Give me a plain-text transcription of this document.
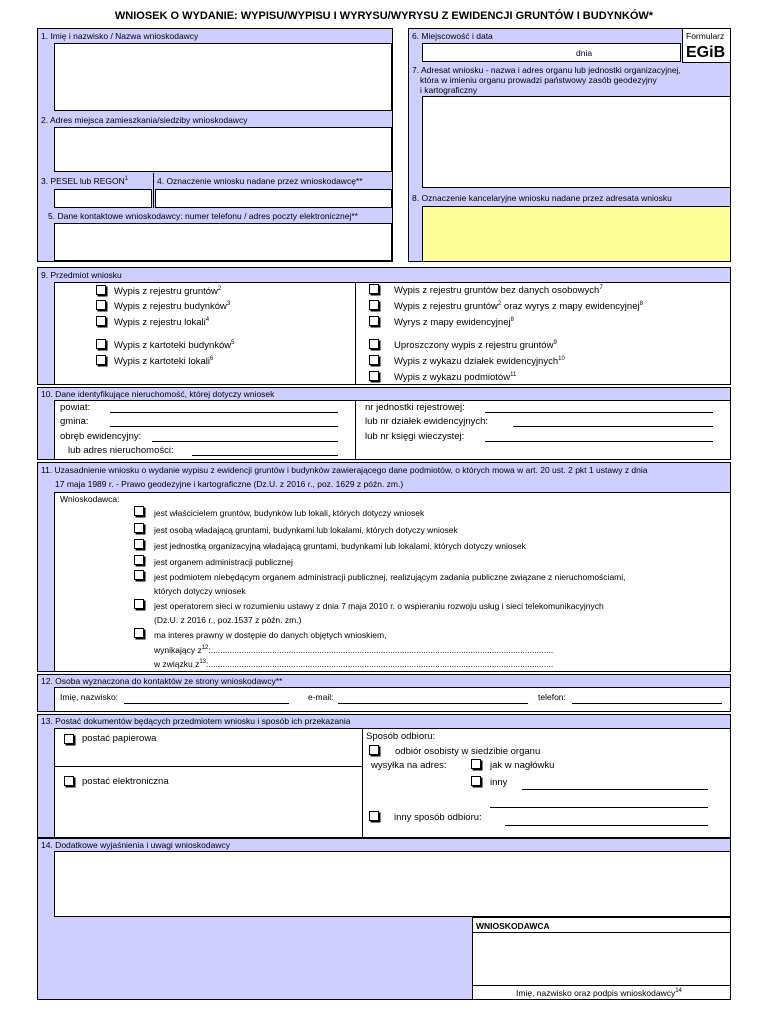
WNIOSEK O WYDANIE: WYPISU/WYPISU I WYRYSU/WYRYSU Z EWIDENCJI GRUNTÓW I BUDYNKÓW*
1. Imię i nazwisko / Nazwa wnioskodawcy
2. Adres miejsca zamieszkania/siedziby wnioskodawcy
3. PESEL lub REGON$^1$	4. Oznaczenie wniosku nadane przez wnioskodawcę**
5. Dane kontaktowe wnioskodawcy: numer telefonu / adres poczty elektronicznej**
6. Miejscowość i data
dnia
Formularz
EGiB
7. Adresat wniosku - nazwa i adres organu lub jednostki organizacyjnej,
która w imieniu organu prowadzi państwowy zasób geodezyjny
i kartograficzny
8. Oznaczenie kancelaryjne wniosku nadane przez adresata wniosku
9. Przedmiot wniosku
Wypis z rejestru gruntów$^2$
Wypis z rejestru budynków$^3$
Wypis z rejestru lokali$^4$
Wypis z kartoteki budynków$^5$
Wypis z kartoteki lokali$^6$
Wypis z rejestru gruntów bez danych osobowych$^7$
Wypis z rejestru gruntów$^2$ oraz wyrys z mapy ewidencyjnej$^8$
Wyrys z mapy ewidencyjnej$^8$
Uproszczony wypis z rejestru gruntów$^9$
Wypis z wykazu działek ewidencyjnych$^{10}$
Wypis z wykazu podmiotów$^{11}$
10. Dane identyfikujące nieruchomość, której dotyczy wniosek
powiat:
gmina:
obręb ewidencyjny:
lub adres nieruchomości:
nr jednostki rejestrowej:
lub nr działek ewidencyjnych:
lub nr księgi wieczystej:
11. Uzasadnienie wniosku o wydanie wypisu z ewidencji gruntów i budynków zawierającego dane podmiotów, o których mowa w art. 20 ust. 2 pkt 1 ustawy z dnia
17 maja 1989 r. - Prawo geodezyjne i kartograficzne (Dz.U. z 2016 r., poz. 1629 z późn. zm.)
Wnioskodawca:
jest właścicielem gruntów, budynków lub lokali, których dotyczy wniosek
jest osobą władającą gruntami, budynkami lub lokalami, których dotyczy wniosek
jest jednostką organizacyjną władającą gruntami, budynkami lub lokalami, których dotyczy wniosek
jest organem administracji publicznej
jest podmiotem niebędącym organem administracji publicznej, realizującym zadania publiczne związane z nieruchomościami,
których dotyczy wniosek
jest operatorem sieci w rozumieniu ustawy z dnia 7 maja 2010 r. o wspieraniu rozwoju usług i sieci telekomunikacyjnych
(Dz.U. z 2016 r., poz.1537 z późn. zm.)
ma interes prawny w dostępie do danych objętych wnioskiem,
wynikający $z^{12}$:.................................................................................................................................................
w związku $z^{13}$:..................................................................................................................................................
12. Osoba wyznaczona do kontaktów ze strony wnioskodawcy**
Imię, nazwisko:	e-mail:	telefon:
13. Postać dokumentów będących przedmiotem wniosku i sposób ich przekazania
postać papierowa
postać elektroniczna
Sposób odbioru:
odbiór osobisty w siedzibie organu
wysyłka na adres:	jak w nagłówku
inny
inny sposób odbioru:
14. Dodatkowe wyjaśnienia i uwagi wnioskodawcy
WNIOSKODAWCA
Imię, nazwisko oraz podpis wnioskodawcy$^{14}$
